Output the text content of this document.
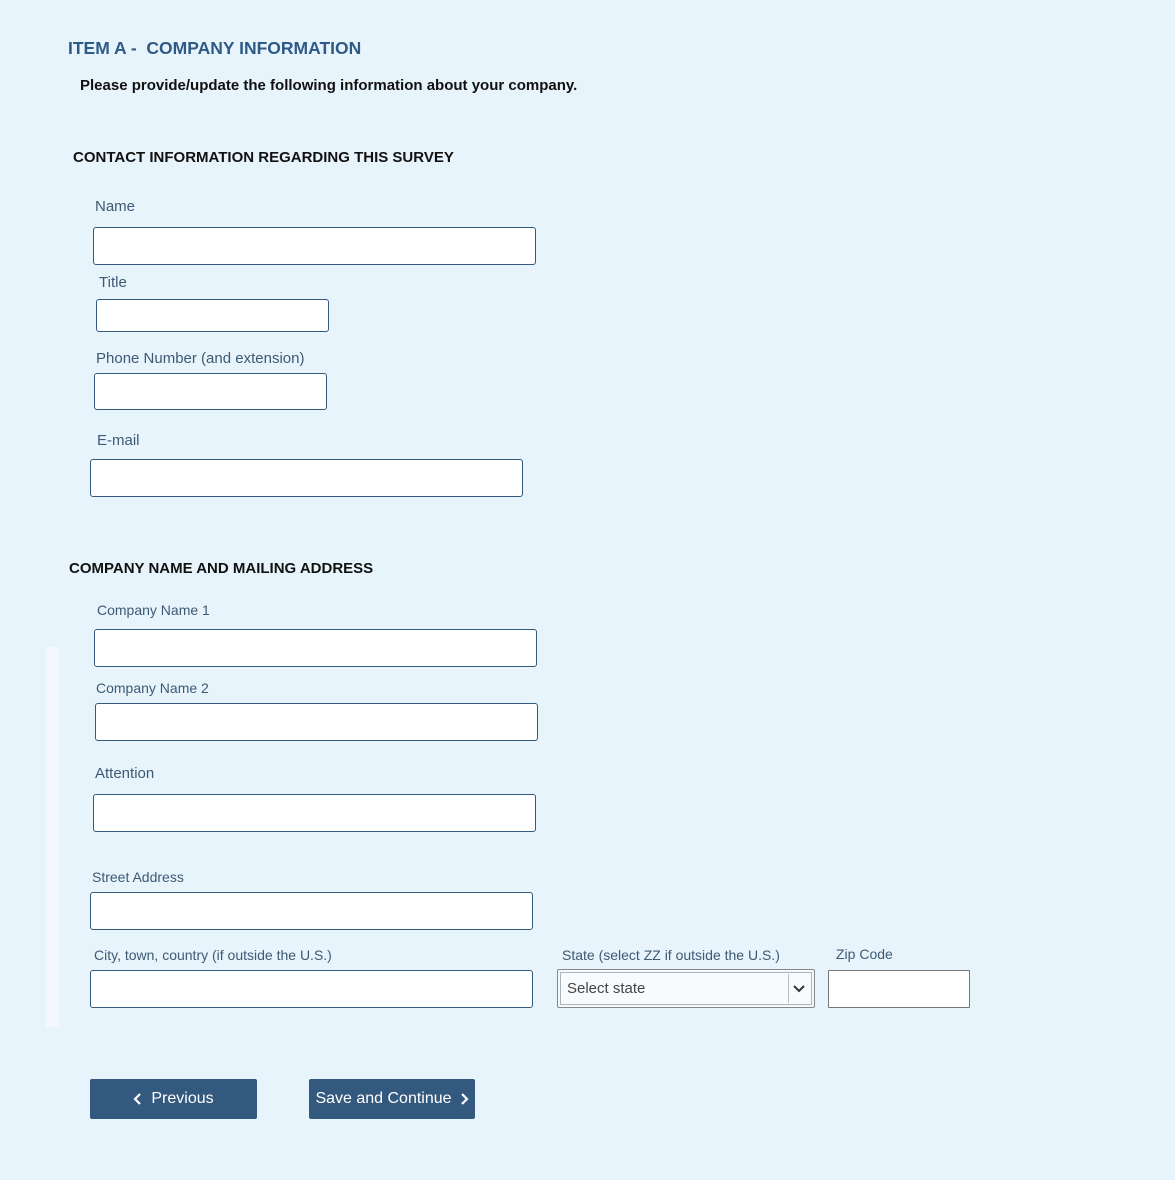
ITEM A -  COMPANY INFORMATION
Please provide/update the following information about your company.
CONTACT INFORMATION REGARDING THIS SURVEY
Name
Title
Phone Number (and extension)
E-mail
COMPANY NAME AND MAILING ADDRESS
Company Name 1
Company Name 2
Attention
Street Address
City, town, country (if outside the U.S.)	State (select ZZ if outside the U.S.)
Select state
Zip Code
Previous	Save and Continue
